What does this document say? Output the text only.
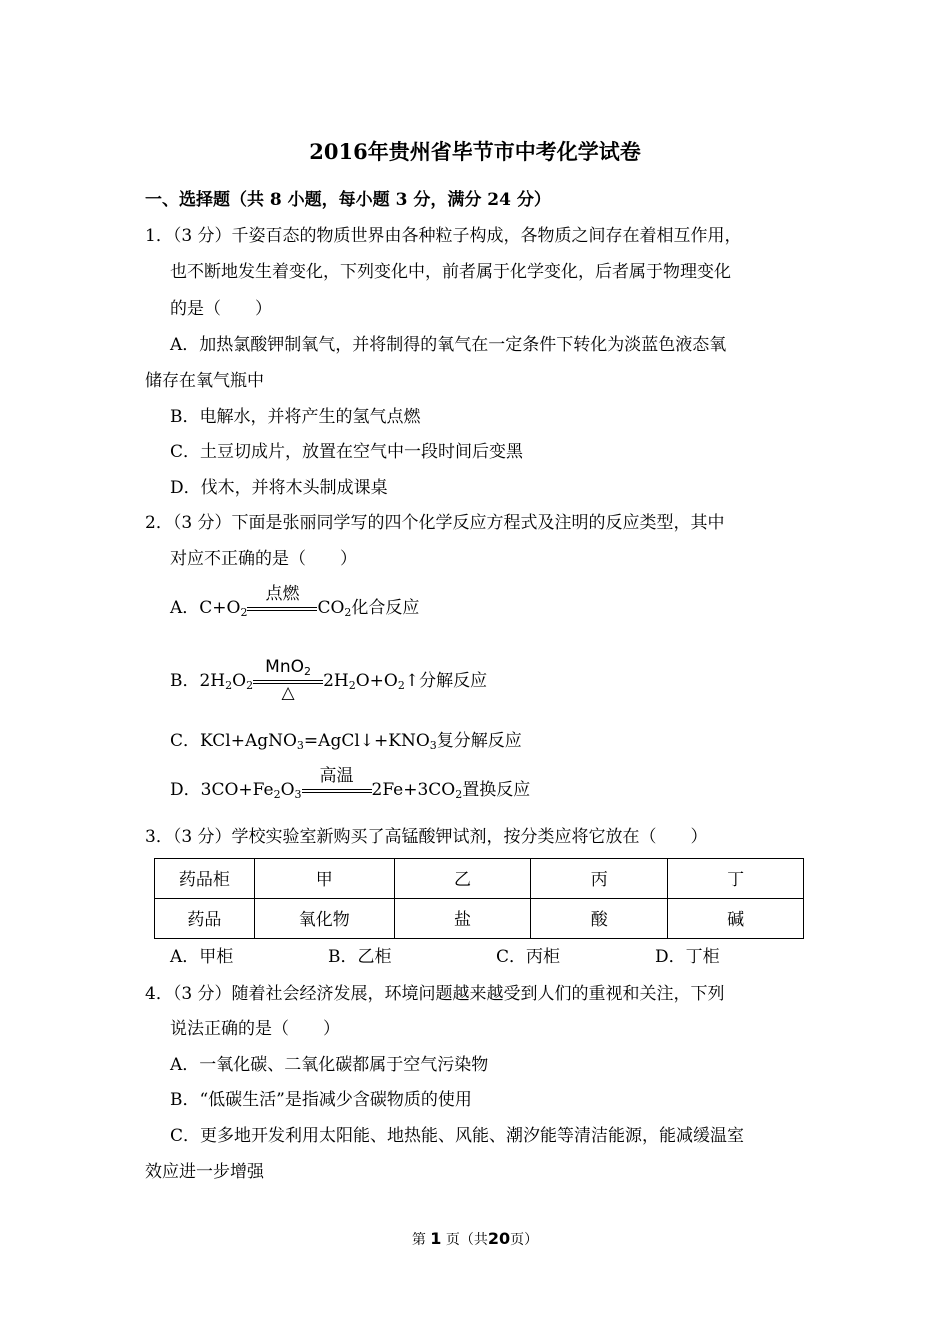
2016年贵州省毕节市中考化学试卷
一、选择题（共 8 小题，每小题 3 分，满分 24 分）
1．（3 分）千姿百态的物质世界由各种粒子构成，各物质之间存在着相互作用，
也不断地发生着变化，下列变化中，前者属于化学变化，后者属于物理变化
的是（　　）
A．加热氯酸钾制氧气，并将制得的氧气在一定条件下转化为淡蓝色液态氧
储存在氧气瓶中
B．电解水，并将产生的氢气点燃
C．土豆切成片，放置在空气中一段时间后变黑
D．伐木，并将木头制成课桌
2．（3 分）下面是张丽同学写的四个化学反应方程式及注明的反应类型，其中
对应不正确的是（　　）
A．$C+O_2$
点燃
$CO_2$化合反应
B．$2H_2O_2$
MnO$_2$
△
$2H_2O+O_2↑$分解反应
C．$KCl+AgNO_3=AgCl↓+KNO_3$复分解反应
D．$3CO+Fe_2O_3$
高温
$2Fe+3CO_2$置换反应
3．（3 分）学校实验室新购买了高锰酸钾试剂，按分类应将它放在（　　）
药品柜	甲	乙	丙	丁
药品	氧化物	盐	酸	碱
A．甲柜	B．乙柜	C．丙柜	D．丁柜
4．（3 分）随着社会经济发展，环境问题越来越受到人们的重视和关注，下列
说法正确的是（　　）
A．一氧化碳、二氧化碳都属于空气污染物
B．“低碳生活”是指减少含碳物质的使用
C．更多地开发利用太阳能、地热能、风能、潮汐能等清洁能源，能减缓温室
效应进一步增强
第 1 页（共20页）
